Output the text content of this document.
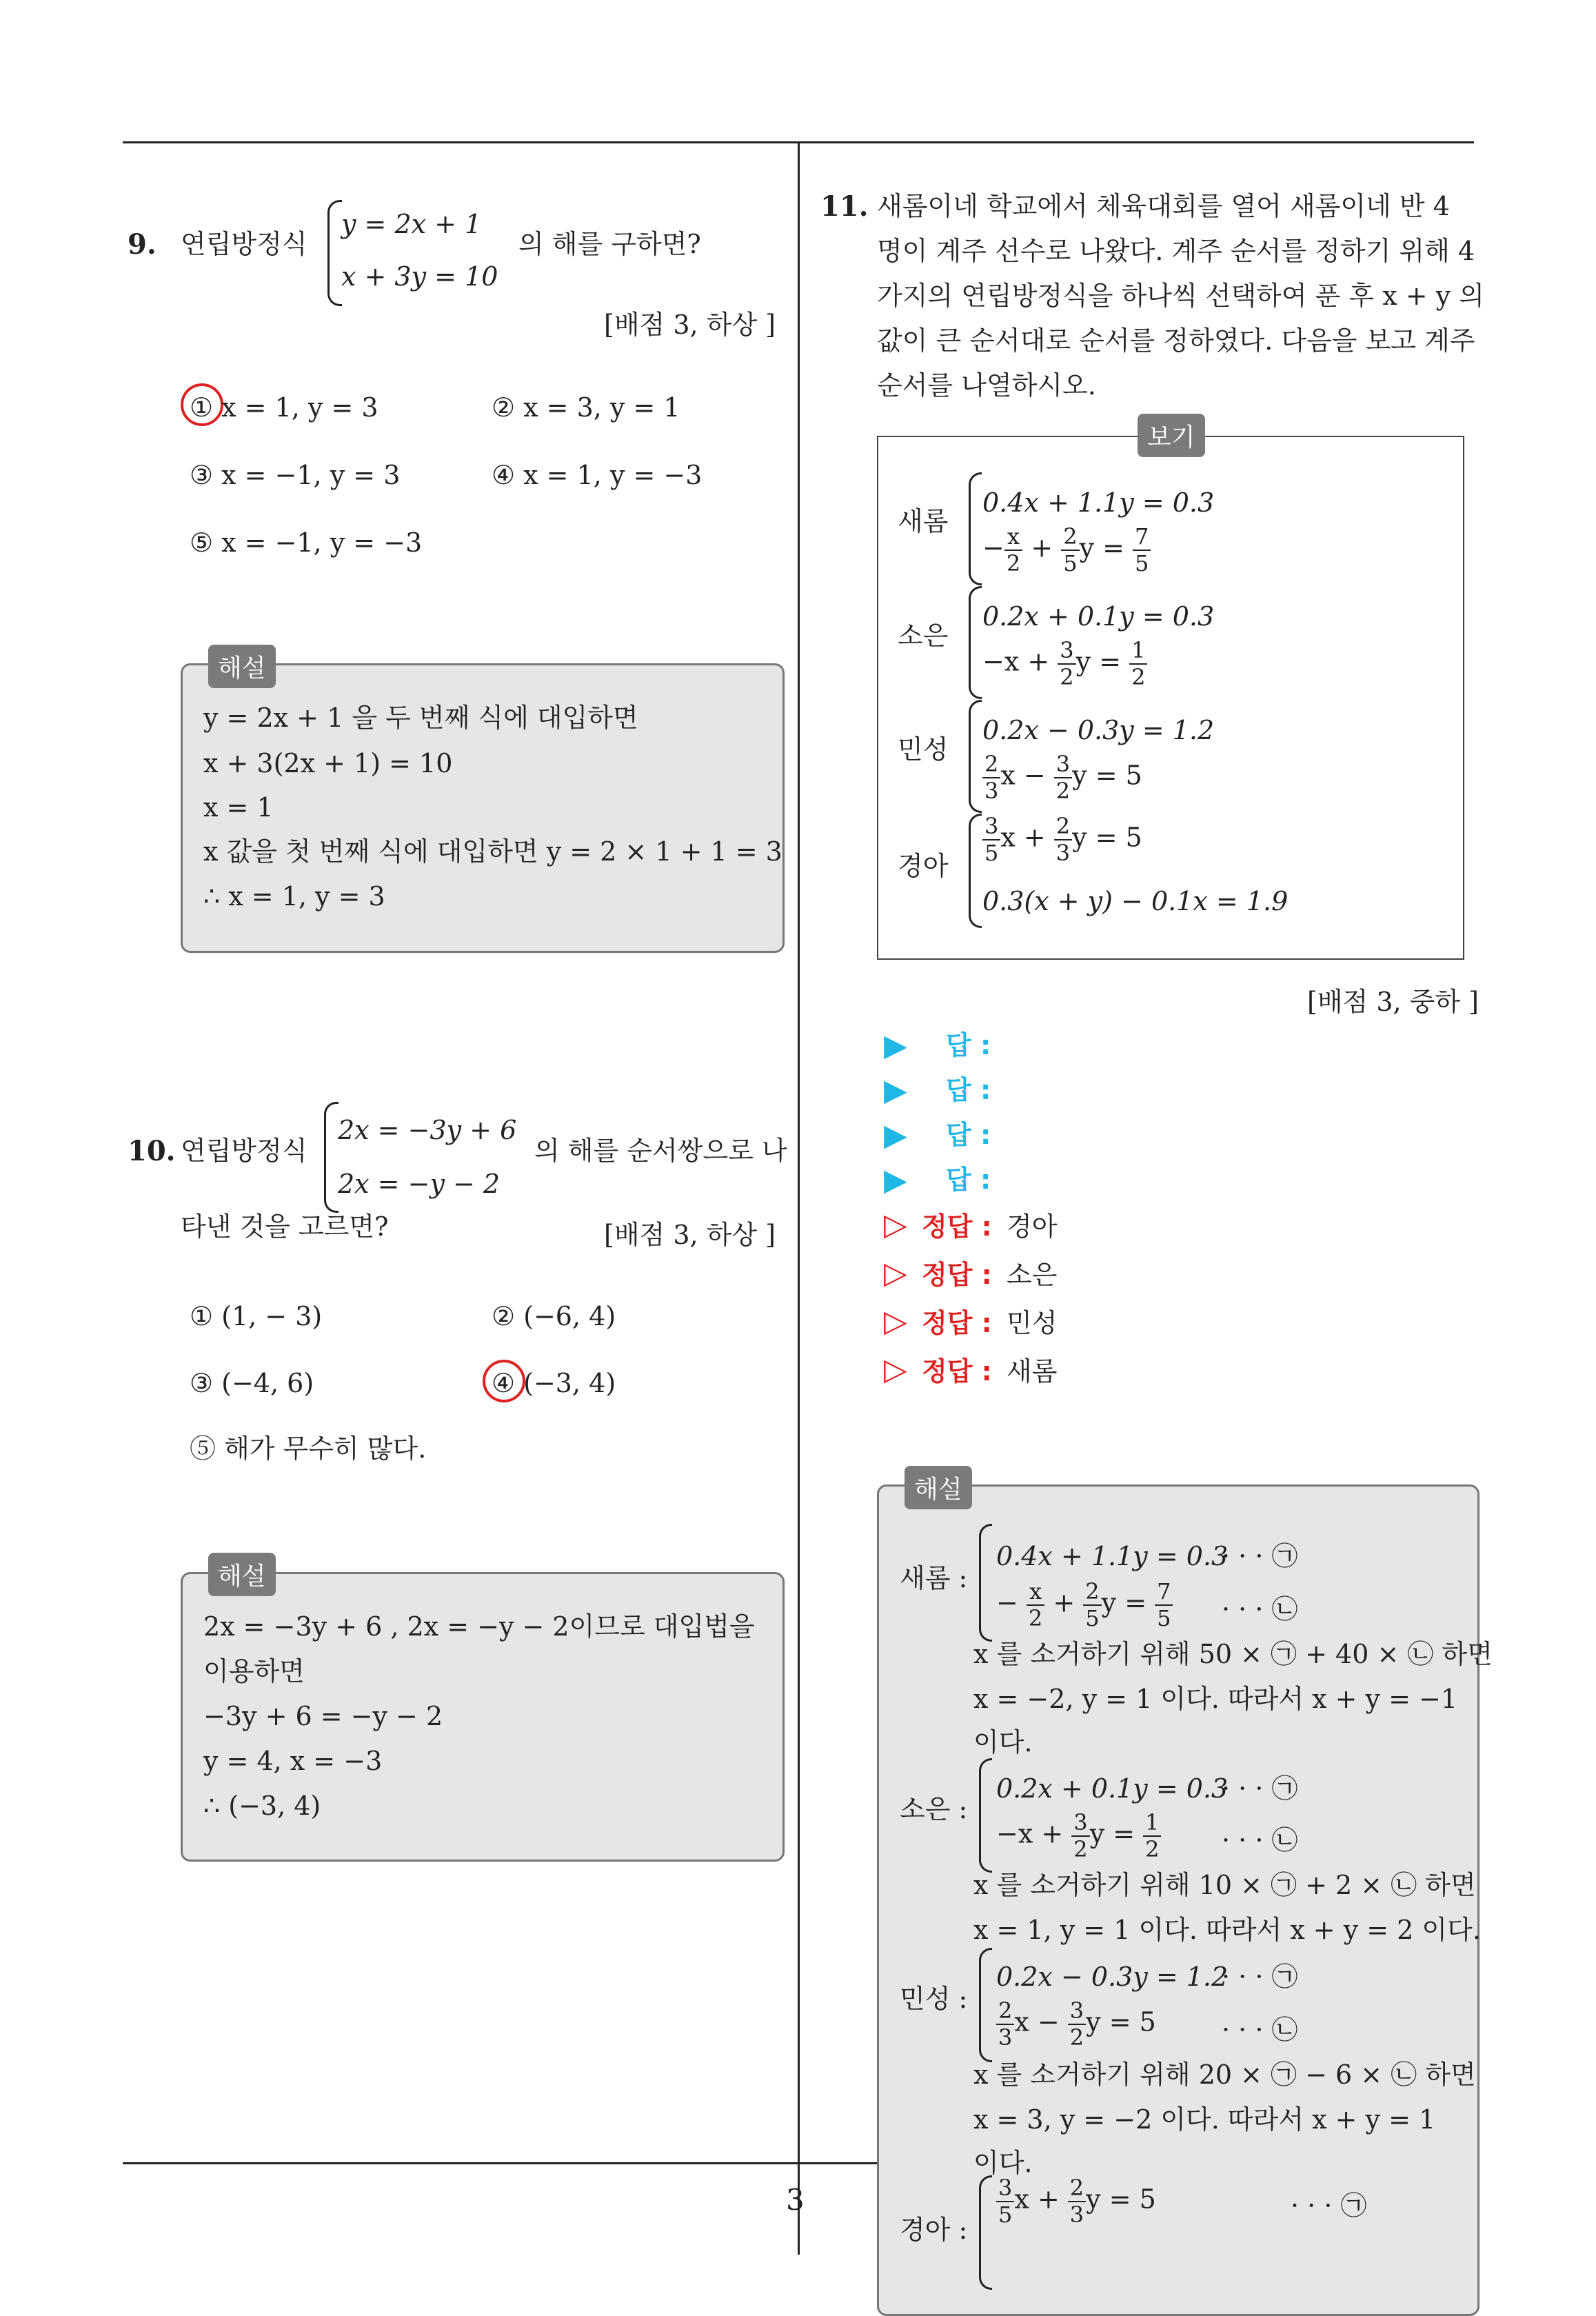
3
9. 연립방정식
y = 2x + 1
x + 3y = 10
의 해를 구하면?
[배점 3, 하상 ]
① x = 1, y = 3	② x = 3, y = 1
③ x = −1, y = 3	④ x = 1, y = −3
⑤ x = −1, y = −3
해설
y = 2x + 1 을 두 번째 식에 대입하면
x + 3(2x + 1) = 10
x = 1
x 값을 첫 번째 식에 대입하면 y = 2 × 1 + 1 = 3
∴ x = 1, y = 3
10. 연립방정식
2x = −3y + 6
2x = −y − 2
의 해를 순서쌍으로 나
타낸 것을 고르면?	[배점 3, 하상 ]
① (1, − 3)	② (−6, 4)
③ (−4, 6)	④ (−3, 4)
⑤ 해가 무수히 많다.
해설
2x = −3y + 6 , 2x = −y − 2이므로 대입법을
이용하면
−3y + 6 = −y − 2
y = 4, x = −3
∴ (−3, 4)
11. 새롬이네 학교에서 체육대회를 열어 새롬이네 반 4
명이 계주 선수로 나왔다. 계주 순서를 정하기 위해 4
가지의 연립방정식을 하나씩 선택하여 푼 후 x + y 의
값이 큰 순서대로 순서를 정하였다. 다음을 보고 계주
순서를 나열하시오.
보기
새롬
0.4x + 1.1y = 0.3
− $\frac{x}{2} + \frac{2}{5}$ $y = \frac{7}{5}$
소은
0.2x + 0.1y = 0.3
$-x + \frac{3}{2}$ $y = \frac{1}{2}$
민성
0.2x − 0.3y = 1.2
$\frac{2}{3}$ $x - \frac{3}{2}$ y = 5
경아
$\frac{3}{5}$ $x + \frac{2}{3}$ y = 5
0.3(x + y) − 0.1x = 1.9
[배점 3, 중하 ]
▶ 답 :
▶ 답 :
▶ 답 :
▶ 답 :
▷ 정답 : 경아
▷ 정답 : 소은
▷ 정답 : 민성
▷ 정답 : 새롬
해설
새롬 :
0.4x + 1.1y = 0.3
· · · ㉠
− $\frac{x}{2} + \frac{2}{5}$ $y = \frac{7}{5}$ · · · ㉡
x 를 소거하기 위해 50 × ㉠ + 40 × ㉡ 하면
x = −2, y = 1 이다. 따라서 x + y = −1
이다.
소은 :
0.2x + 0.1y = 0.3
· · · ㉠
$-x + \frac{3}{2}$ $y = \frac{1}{2}$ · · · ㉡
x 를 소거하기 위해 10 × ㉠ + 2 × ㉡ 하면
x = 1, y = 1 이다. 따라서 x + y = 2 이다.
민성 :
0.2x − 0.3y = 1.2
· · · ㉠
$\frac{2}{3}$ $x - \frac{3}{2}$ y = 5	· · · ㉡
x 를 소거하기 위해 20 × ㉠ − 6 × ㉡ 하면
x = 3, y = −2 이다. 따라서 x + y = 1
이다.
경아 :
$\frac{3}{5}$ $x + \frac{2}{3}$ y = 5	· · · ㉠
